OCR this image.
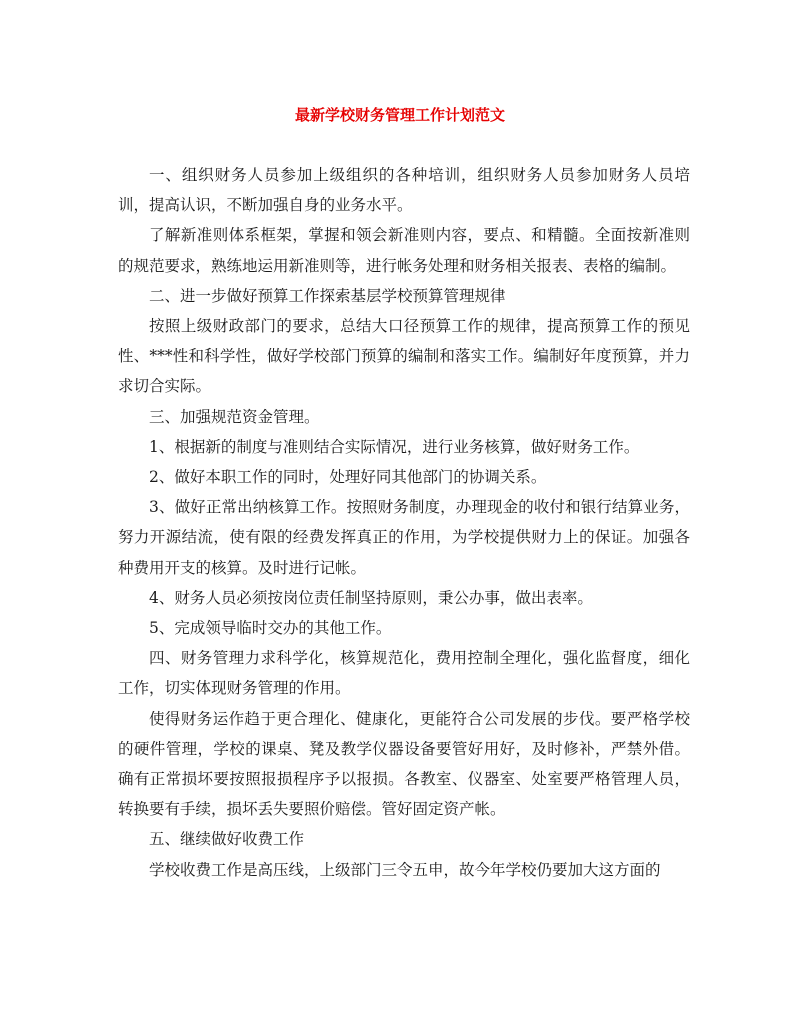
最新学校财务管理工作计划范文

一、组织财务人员参加上级组织的各种培训，组织财务人员参加财务人员培训，提高认识，不断加强自身的业务水平。

了解新准则体系框架，掌握和领会新准则内容，要点、和精髓。全面按新准则的规范要求，熟练地运用新准则等，进行帐务处理和财务相关报表、表格的编制。

二、进一步做好预算工作探索基层学校预算管理规律

按照上级财政部门的要求，总结大口径预算工作的规律，提高预算工作的预见性、***性和科学性，做好学校部门预算的编制和落实工作。编制好年度预算，并力求切合实际。

三、加强规范资金管理。

1、根据新的制度与准则结合实际情况，进行业务核算，做好财务工作。

2、做好本职工作的同时，处理好同其他部门的协调关系。

3、做好正常出纳核算工作。按照财务制度，办理现金的收付和银行结算业务，努力开源结流，使有限的经费发挥真正的作用，为学校提供财力上的保证。加强各种费用开支的核算。及时进行记帐。

4、财务人员必须按岗位责任制坚持原则，秉公办事，做出表率。

5、完成领导临时交办的其他工作。

四、财务管理力求科学化，核算规范化，费用控制全理化，强化监督度，细化工作，切实体现财务管理的作用。

使得财务运作趋于更合理化、健康化，更能符合公司发展的步伐。要严格学校的硬件管理，学校的课桌、凳及教学仪器设备要管好用好，及时修补，严禁外借。确有正常损坏要按照报损程序予以报损。各教室、仪器室、处室要严格管理人员，转换要有手续，损坏丢失要照价赔偿。管好固定资产帐。

五、继续做好收费工作

学校收费工作是高压线，上级部门三令五申，故今年学校仍要加大这方面的
